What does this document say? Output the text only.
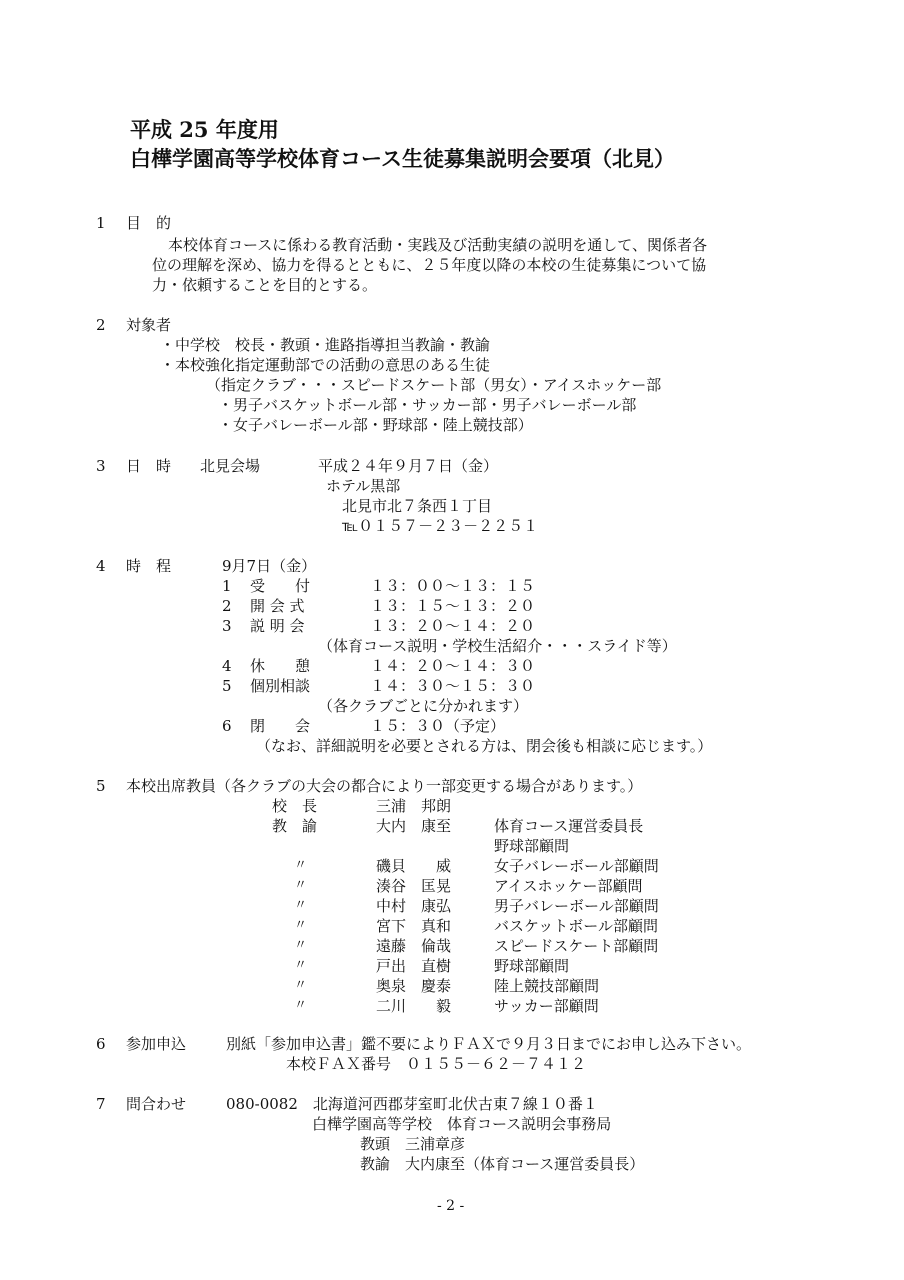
平成 25 年度用
白樺学園高等学校体育コース生徒募集説明会要項（北見）
1 目　的
本校体育コースに係わる教育活動・実践及び活動実績の説明を通して、関係者各
位の理解を深め、協力を得るとともに、２５年度以降の本校の生徒募集について協
力・依頼することを目的とする。
2 対象者
・中学校　校長・教頭・進路指導担当教諭・教諭
・本校強化指定運動部での活動の意思のある生徒
（指定クラブ・・・スピードスケート部（男女）・アイスホッケー部
・男子バスケットボール部・サッカー部・男子バレーボール部
・女子バレーボール部・野球部・陸上競技部）
3 日　時 北見会場	平成２４年９月７日（金）
ホテル黒部
北見市北７条西１丁目
℡０１５７－２３－２２５１
4 時　程	9月7日（金）
1 受　　付	１３：００～１３：１５
2 開 会 式	１３：１５～１３：２０
3 説 明 会	１３：２０～１４：２０
（体育コース説明・学校生活紹介・・・スライド等）
4 休　　憩	１４：２０～１４：３０
5 個別相談	１４：３０～１５：３０
（各クラブごとに分かれます）
6 閉　　会	１５：３０（予定）
（なお、詳細説明を必要とされる方は、閉会後も相談に応じます。）
5 本校出席教員（各クラブの大会の都合により一部変更する場合があります。）
校　長	三浦　邦朗
教　諭	大内　康至	体育コース運営委員長
野球部顧問
〃	磯貝　　威	女子バレーボール部顧問
〃	湊谷　匡晃	アイスホッケー部顧問
〃	中村　康弘	男子バレーボール部顧問
〃	宮下　真和	バスケットボール部顧問
〃	遠藤　倫哉	スピードスケート部顧問
〃	戸出　直樹	野球部顧問
〃	奥泉　慶泰	陸上競技部顧問
〃	二川　　毅	サッカー部顧問
6 参加申込	別紙「参加申込書」鑑不要によりＦＡＸで９月３日までにお申し込み下さい。
本校ＦＡＸ番号　０１５５－６２－７４１２
7 問合わせ	080-0082　北海道河西郡芽室町北伏古東７線１０番１
白樺学園高等学校　体育コース説明会事務局
教頭　三浦章彦
教諭　大内康至（体育コース運営委員長）
- 2 -
